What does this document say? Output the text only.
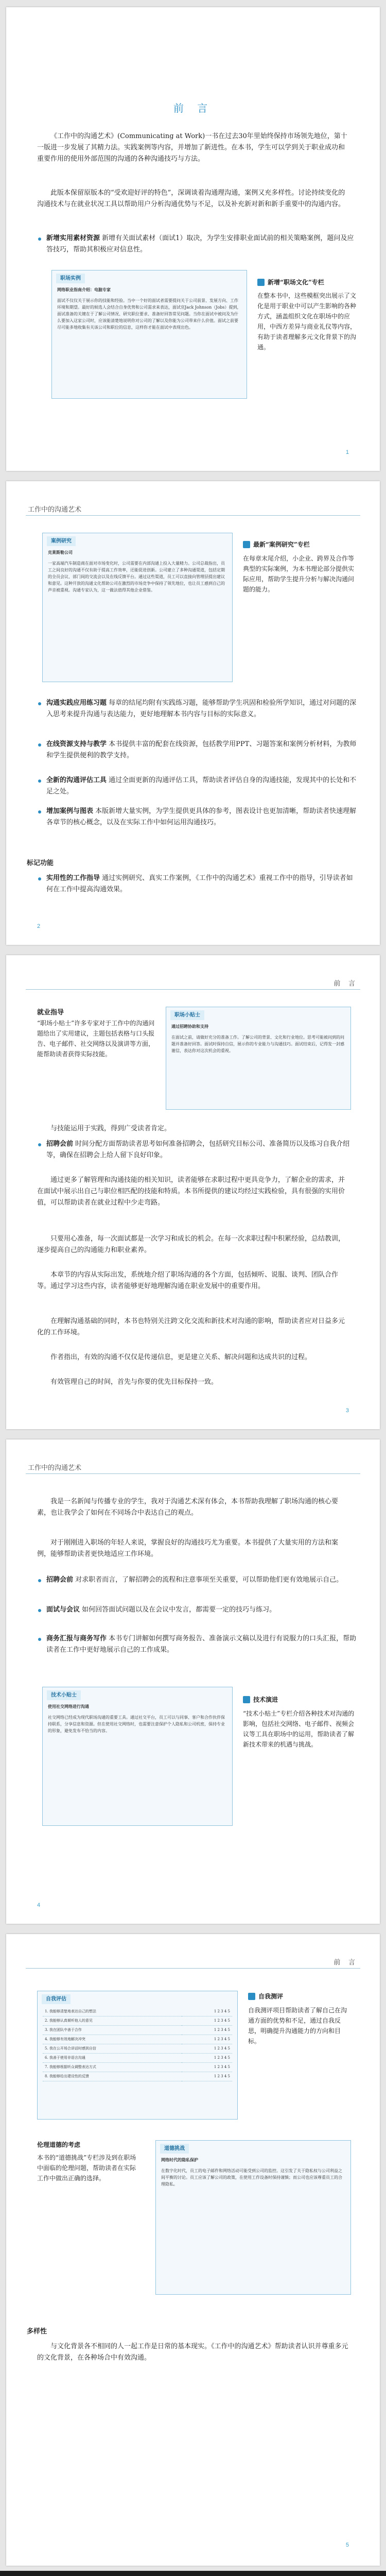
前 言

《工作中的沟通艺术》(Communicating at Work)一书在过去30年里始终保持市场领先地位，第十一版进一步发展了其精力法。实践案例等内容，并增加了新进性。在本书，学生可以学到关于职业成功和重要作用的使用外部范围的沟通的各种沟通技巧与方法。

此版本保留原版本的“受欢迎好评的特色”，深调谈着沟通理沟通，案例又充多样性。讨论持续变化的沟通技术与在就业状况工具以帮助用户分析沟通优势与不足，以及补充新对新和新手重要中的沟通内容。

新增实用素材资源 新增有关面试素材（面试1）取决，为学生安排职业面试前的相关策略案例，题问及应答技巧，帮助其积极应对信息性。
职场实例
网络职业指南介绍：电脑专家
面试不仅仅关于展示你的技能和经验。当中一个好的面试者需要提问关于公司前景、发展方向、工作环境和期望。最好的候选人会结合自身优势和公司需求来表达，面试官Jack Johnson（Jobs）提到，面试准备的关键在于了解公司情况、研究职位要求、准备好回答常见问题。当你在面试中被问及为什么要加入这家公司时，应该能清楚地说明你对公司的了解以及你能为公司带来什么价值。面试之前要尽可能多地收集有关该公司和职位的信息，这样你才能在面试中表现出色。
新增“职场文化”专栏
在整本书中，这些模框突出展示了文化是用于职业中可以产生影响的各种方式，涵盖组织文化在职场中的应用，中西方差异与商业礼仪等内容，有助于读者理解多元文化背景下的沟通。
1
工作中的沟通艺术
案例研究
克莱斯勒公司
一家高端汽车制造商在面对市场变化时，公司需要在内部沟通上投入大量精力。公司总裁指出，员工之间良好的沟通不仅有助于提高工作效率，还能促进创新。公司建立了多种沟通渠道，包括定期的全员会议、部门间的交流会以及在线反馈平台。通过这些渠道，员工可以直接向管理层提出建议和意见。这种开放的沟通文化帮助公司在激烈的市场竞争中保持了领先地位，也让员工感到自己的声音被重视。沟通专家认为，这一做法值得其他企业借鉴。
最新“案例研究”专栏
在每章末尾介绍，小企业、跨界及合作等典型的实际案例，为本书理论部分提供实际应用，帮助学生提升分析与解决沟通问题的能力。
沟通实践应用练习题 每章的结尾均附有实践练习题，能够帮助学生巩固和检验所学知识，通过对问题的深入思考来提升沟通与表达能力，更好地理解本书内容与目标的实际意义。
在线资源支持与教学 本书提供丰富的配套在线资源，包括教学用PPT、习题答案和案例分析材料，为教师和学生提供便利的教学支持。
全新的沟通评估工具 通过全面更新的沟通评估工具，帮助读者评估自身的沟通技能，发现其中的长处和不足之处。
增加案例与图表 本版新增大量实例，为学生提供更具体的参考，图表设计也更加清晰，帮助读者快速理解各章节的核心概念，以及在实际工作中如何运用沟通技巧。
标记功能
实用性的工作指导 通过实例研究、真实工作案例，《工作中的沟通艺术》重视工作中的指导，引导读者如何在工作中提高沟通效果。
2
前 言
就业指导
“职场小贴士”许多专家对于工作中的沟通问题给出了实用建议，主题包括表格与口头报告、电子邮件、社交网络以及演讲等方面，能帮助读者获得实际技能。
职场小贴士
通过招聘协助和支持
在面试之前，请做好充分的准备工作。了解公司的背景、文化和行业地位。思考可能被问到的问题并准备好回答。面试时保持自信，展示你的专业能力与沟通技巧。面试结束后，记得发一封感谢信，表达你对这次机会的重视。

与技能运用于实践，得到广受读者肯定。

招聘会前 时间分配方面帮助读者思考如何准备招聘会，包括研究目标公司、准备简历以及练习自我介绍等，确保在招聘会上给人留下良好印象。

通过更多了解管理和沟通技能的相关知识，读者能够在求职过程中更具竞争力，了解企业的需求，并在面试中展示出自己与职位相匹配的技能和特质。本书所提供的建议均经过实践检验，具有很强的实用价值，可以帮助读者在就业过程中少走弯路。

只要用心准备，每一次面试都是一次学习和成长的机会。在每一次求职过程中积累经验，总结教训，逐步提高自己的沟通能力和职业素养。

本章节的内容从实际出发，系统地介绍了职场沟通的各个方面，包括倾听、说服、谈判、团队合作等。通过学习这些内容，读者能够更好地理解沟通在职业发展中的重要作用。

在理解沟通基础的同时，本书也特别关注跨文化交流和新技术对沟通的影响，帮助读者应对日益多元化的工作环境。

作者指出，有效的沟通不仅仅是传递信息，更是建立关系、解决问题和达成共识的过程。

有效管理自己的时间，首先与你要的优先目标保持一致。

3
工作中的沟通艺术

我是一名新闻与传播专业的学生，我对于沟通艺术深有体会，本书帮助我理解了职场沟通的核心要素，也让我学会了如何在不同场合中表达自己的观点。

对于刚刚进入职场的年轻人来说，掌握良好的沟通技巧尤为重要。本书提供了大量实用的方法和案例，能够帮助读者更快地适应工作环境。

招聘会前 对求职者而言，了解招聘会的流程和注意事项至关重要，可以帮助他们更有效地展示自己。
面试与会议 如何回答面试问题以及在会议中发言，都需要一定的技巧与练习。
商务汇报与商务写作 本书专门讲解如何撰写商务报告、准备演示文稿以及进行有说服力的口头汇报，帮助读者在工作中更好地展示自己的工作成果。
技术小贴士
使用社交网络进行沟通
社交网络已经成为现代职场沟通的重要工具。通过社交平台，员工可以与同事、客户和合作伙伴保持联系，分享信息和资源。但在使用社交网络时，也需要注意保护个人隐私和公司机密，保持专业的形象，避免发布不恰当的内容。
技术演进
“技术小贴士”专栏介绍各种技术对沟通的影响，包括社交网络、电子邮件、视频会议等工具在职场中的运用，帮助读者了解新技术带来的机遇与挑战。
4
前 言
自我评估
1. 我能够清楚地表达自己的想法	1 2 3 4 5
2. 我能够认真倾听他人的意见	1 2 3 4 5
3. 我在团队中善于合作	1 2 3 4 5
4. 我能够有效地解决冲突	1 2 3 4 5
5. 我在公开场合讲话时感到自信	1 2 3 4 5
6. 我善于使用非语言沟通	1 2 3 4 5
7. 我能够根据听众调整表达方式	1 2 3 4 5
8. 我能够给出建设性的反馈	1 2 3 4 5
自我测评
自我测评项目帮助读者了解自己在沟通方面的优势和不足，通过自我反思，明确提升沟通能力的方向和目标。
伦理道德的考虑
本书的“道德挑战”专栏涉及到在职场中面临的伦理问题，帮助读者在实际工作中做出正确的选择。
道德挑战
网络时代的隐私保护
在数字化时代，员工的电子邮件和网络活动可能受到公司的监控。这引发了关于隐私权与公司利益之间平衡的讨论。员工应该了解公司的政策，在使用工作设备时保持谨慎；而公司也应该尊重员工的合理隐私。
多样性

与文化背景各不相同的人一起工作是日常的基本现实。《工作中的沟通艺术》帮助读者认识并尊重多元的文化背景，在各种场合中有效沟通。

5
